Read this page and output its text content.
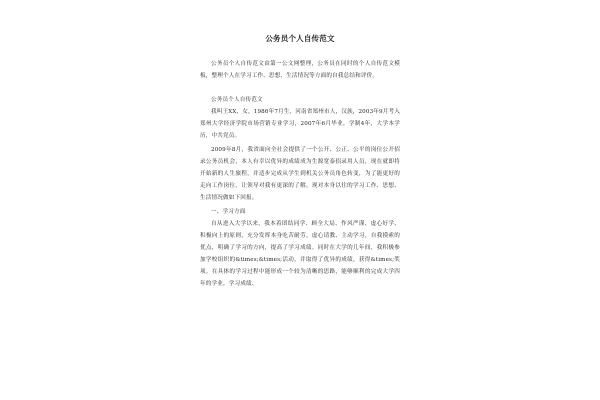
公务员个人自传范文

公务员个人自传范文由第一公文网整理，公务员在同时的个人自传范文模板，整理个人在学习工作、思想、生活情况等方面的自我总结和评价。

公务员个人自传范文

我叫王XX，女，1986年7月生，河南省郑州市人，汉族，2003年9月考入郑州大学经济学院市场营销专业学习，2007年6月毕业，学制4年，大学本学历，中共党员。

2009年8月，我省面向全社会提供了一个公开、公正、公平的岗位公开招录公务员机会，本人有幸以优异的成绩成为生源宽泰招录用人员，现在就即将开始新的人生旅程，并适步完成从学生到机关公务员角色转变，为了能更好的走向工作岗位，让领导对我有更深的了解，现对本身以往的学习工作、思想、生活情况做如下回报。

一、学习方面

自从进入大学以来，我本着团结同学、顾全大局、作风严谨、虚心好学、积极向上的原则，充分发挥本身吃苦耐劳，虚心请教、主动学习，自我摸索的优点，明确了学习的方向，提高了学习成绩。同时在大学的几年间，我积极参加学校组织的&times;&times;活动，并取得了优异的成绩，获得&times;奖项。在具体的学习过程中能形成一个较为清晰的思路，能够顺利的完成大学四年的学业，学习成绩、
